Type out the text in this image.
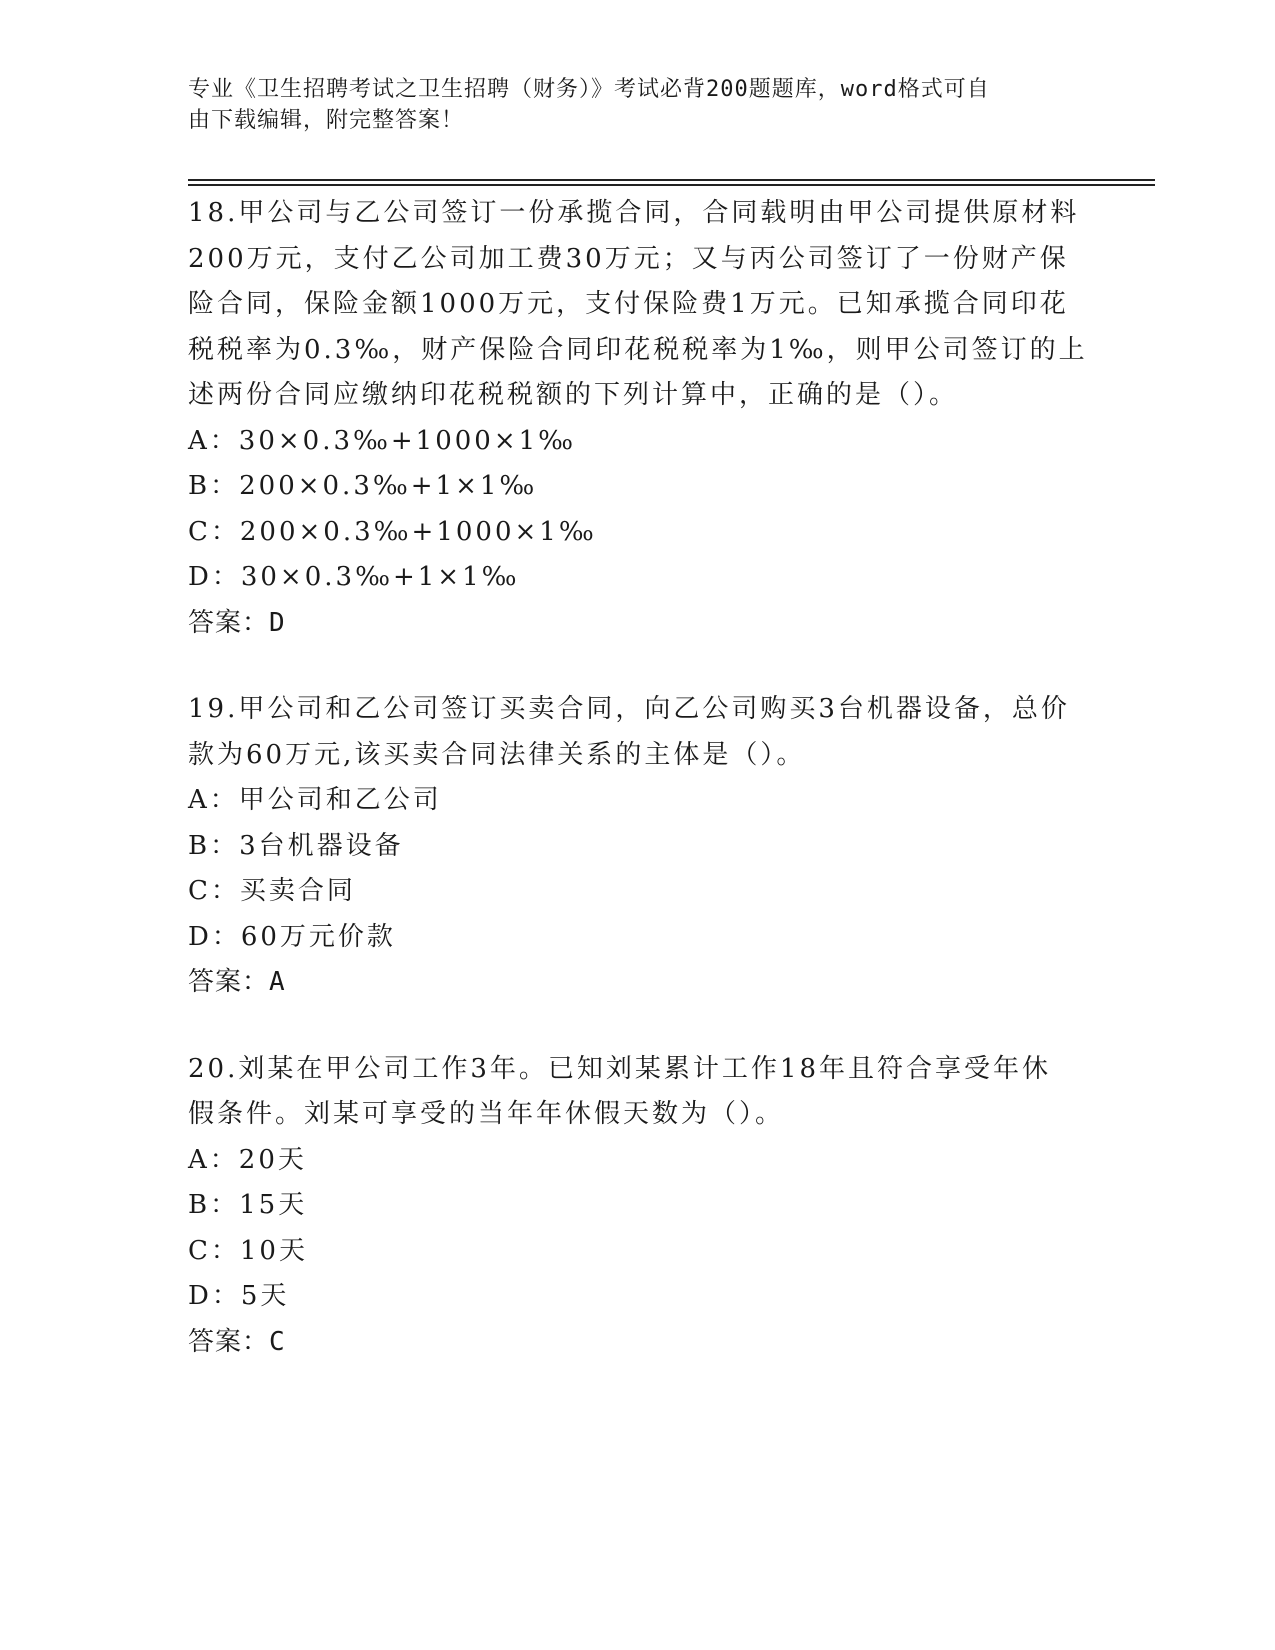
专业《卫生招聘考试之卫生招聘（财务）》考试必背200题题库，word格式可自
由下载编辑，附完整答案！
18.甲公司与乙公司签订一份承揽合同，合同载明由甲公司提供原材料
200万元，支付乙公司加工费30万元；又与丙公司签订了一份财产保
险合同，保险金额1000万元，支付保险费1万元。已知承揽合同印花
税税率为0.3‰，财产保险合同印花税税率为1‰，则甲公司签订的上
述两份合同应缴纳印花税税额的下列计算中，正确的是（）。
A：30×0.3‰+1000×1‰
B：200×0.3‰+1×1‰
C：200×0.3‰+1000×1‰
D：30×0.3‰+1×1‰
答案：D
19.甲公司和乙公司签订买卖合同，向乙公司购买3台机器设备，总价
款为60万元,该买卖合同法律关系的主体是（）。
A：甲公司和乙公司
B：3台机器设备
C：买卖合同
D：60万元价款
答案：A
20.刘某在甲公司工作3年。已知刘某累计工作18年且符合享受年休
假条件。刘某可享受的当年年休假天数为（）。
A：20天
B：15天
C：10天
D：5天
答案：C
